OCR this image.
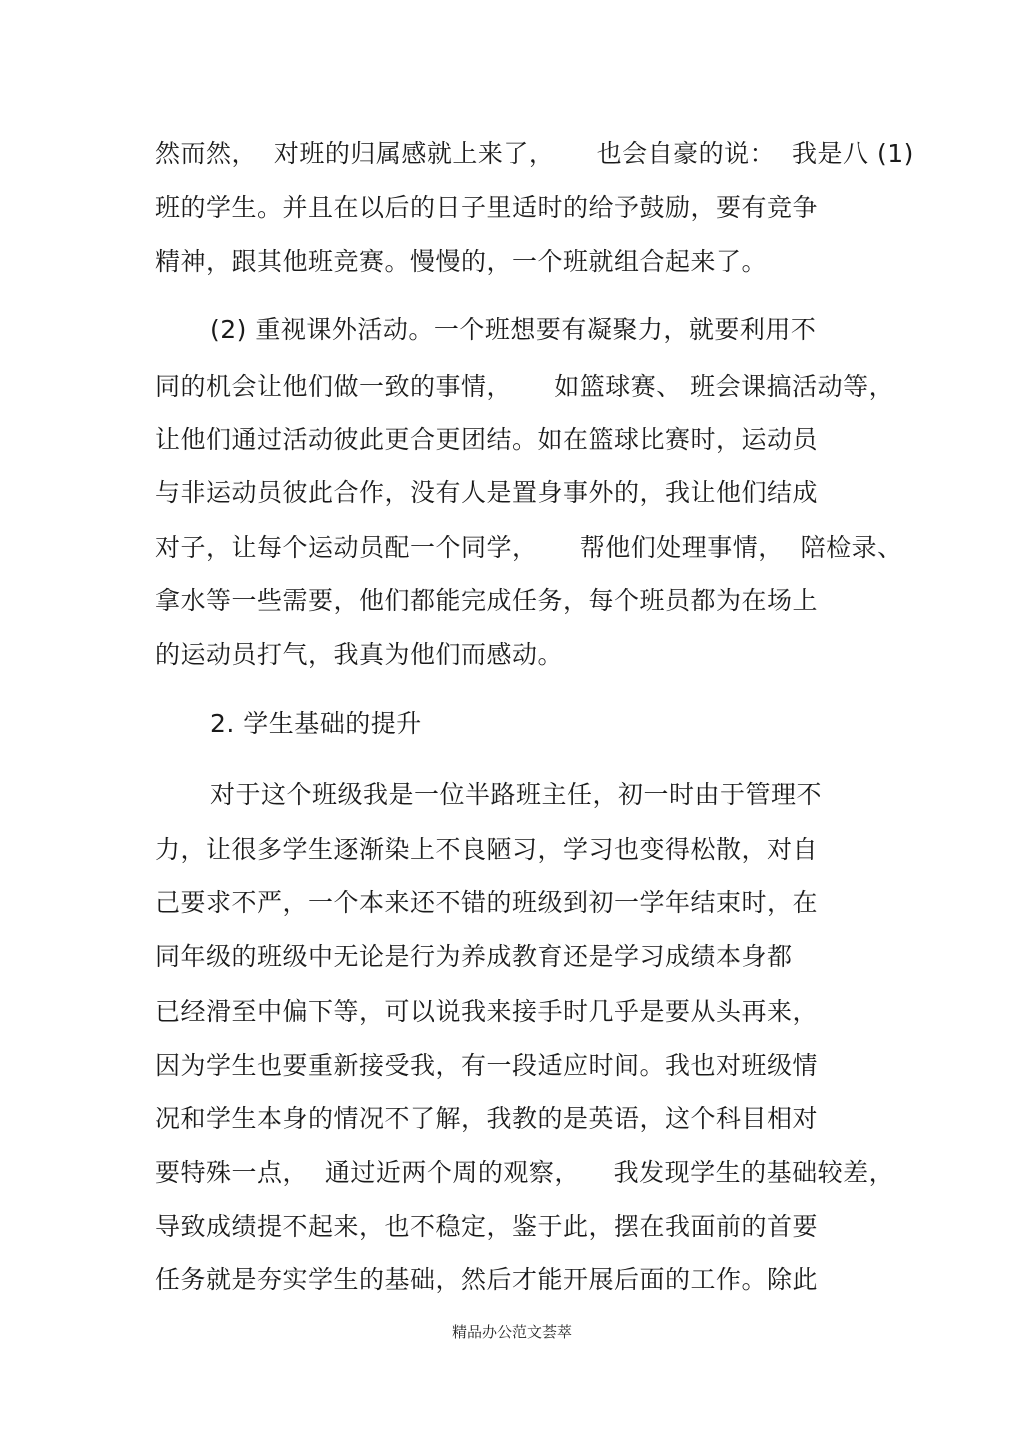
然而然，  对班的归属感就上来了，     也会自豪的说：  我是八 (1)
班的学生。并且在以后的日子里适时的给予鼓励，要有竞争
精神，跟其他班竞赛。慢慢的，一个班就组合起来了。
(2) 重视课外活动。一个班想要有凝聚力，就要利用不
同的机会让他们做一致的事情，     如篮球赛、 班会课搞活动等，
让他们通过活动彼此更合更团结。如在篮球比赛时，运动员
与非运动员彼此合作，没有人是置身事外的，我让他们结成
对子，让每个运动员配一个同学，     帮他们处理事情，  陪检录、
拿水等一些需要，他们都能完成任务，每个班员都为在场上
的运动员打气，我真为他们而感动。
2. 学生基础的提升
对于这个班级我是一位半路班主任，初一时由于管理不
力，让很多学生逐渐染上不良陋习，学习也变得松散，对自
己要求不严，一个本来还不错的班级到初一学年结束时，在
同年级的班级中无论是行为养成教育还是学习成绩本身都
已经滑至中偏下等，可以说我来接手时几乎是要从头再来，
因为学生也要重新接受我，有一段适应时间。我也对班级情
况和学生本身的情况不了解，我教的是英语，这个科目相对
要特殊一点，  通过近两个周的观察，    我发现学生的基础较差，
导致成绩提不起来，也不稳定，鉴于此，摆在我面前的首要
任务就是夯实学生的基础，然后才能开展后面的工作。除此
精品办公范文荟萃
